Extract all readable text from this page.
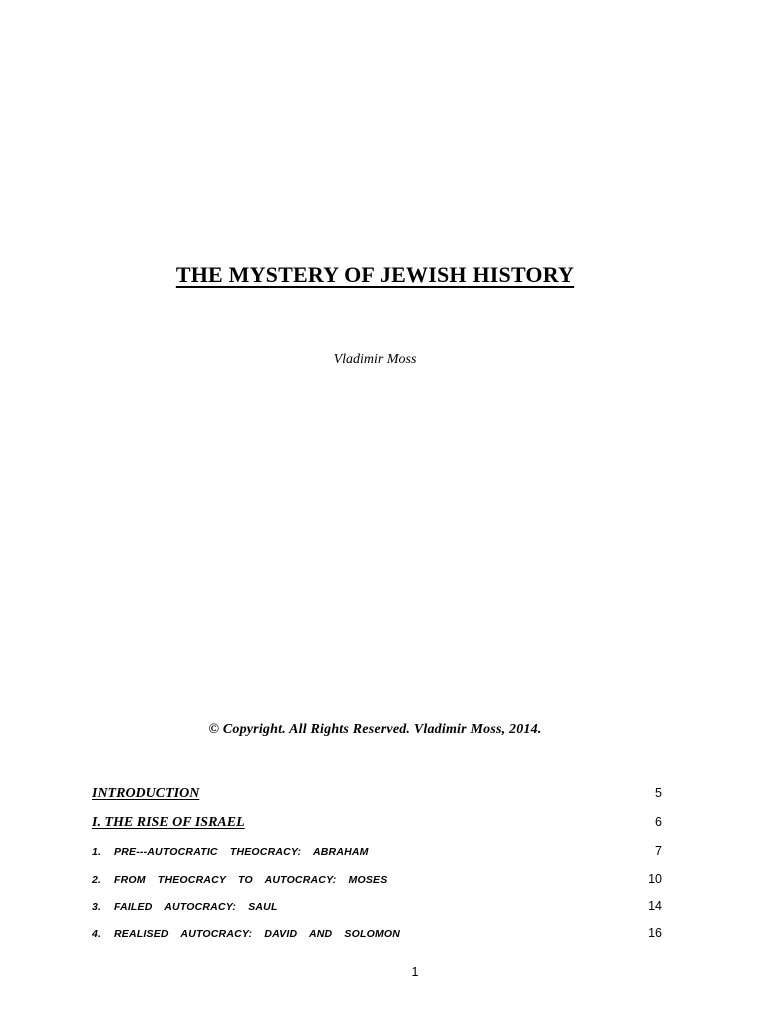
THE MYSTERY OF JEWISH HISTORY
Vladimir Moss
© Copyright. All Rights Reserved. Vladimir Moss, 2014.
INTRODUCTION	5
I. THE RISE OF ISRAEL	6
1. PRE---AUTOCRATIC THEOCRACY: ABRAHAM	7
2. FROM THEOCRACY TO AUTOCRACY: MOSES	10
3. FAILED AUTOCRACY: SAUL	14
4. REALISED AUTOCRACY: DAVID AND SOLOMON	16
1
